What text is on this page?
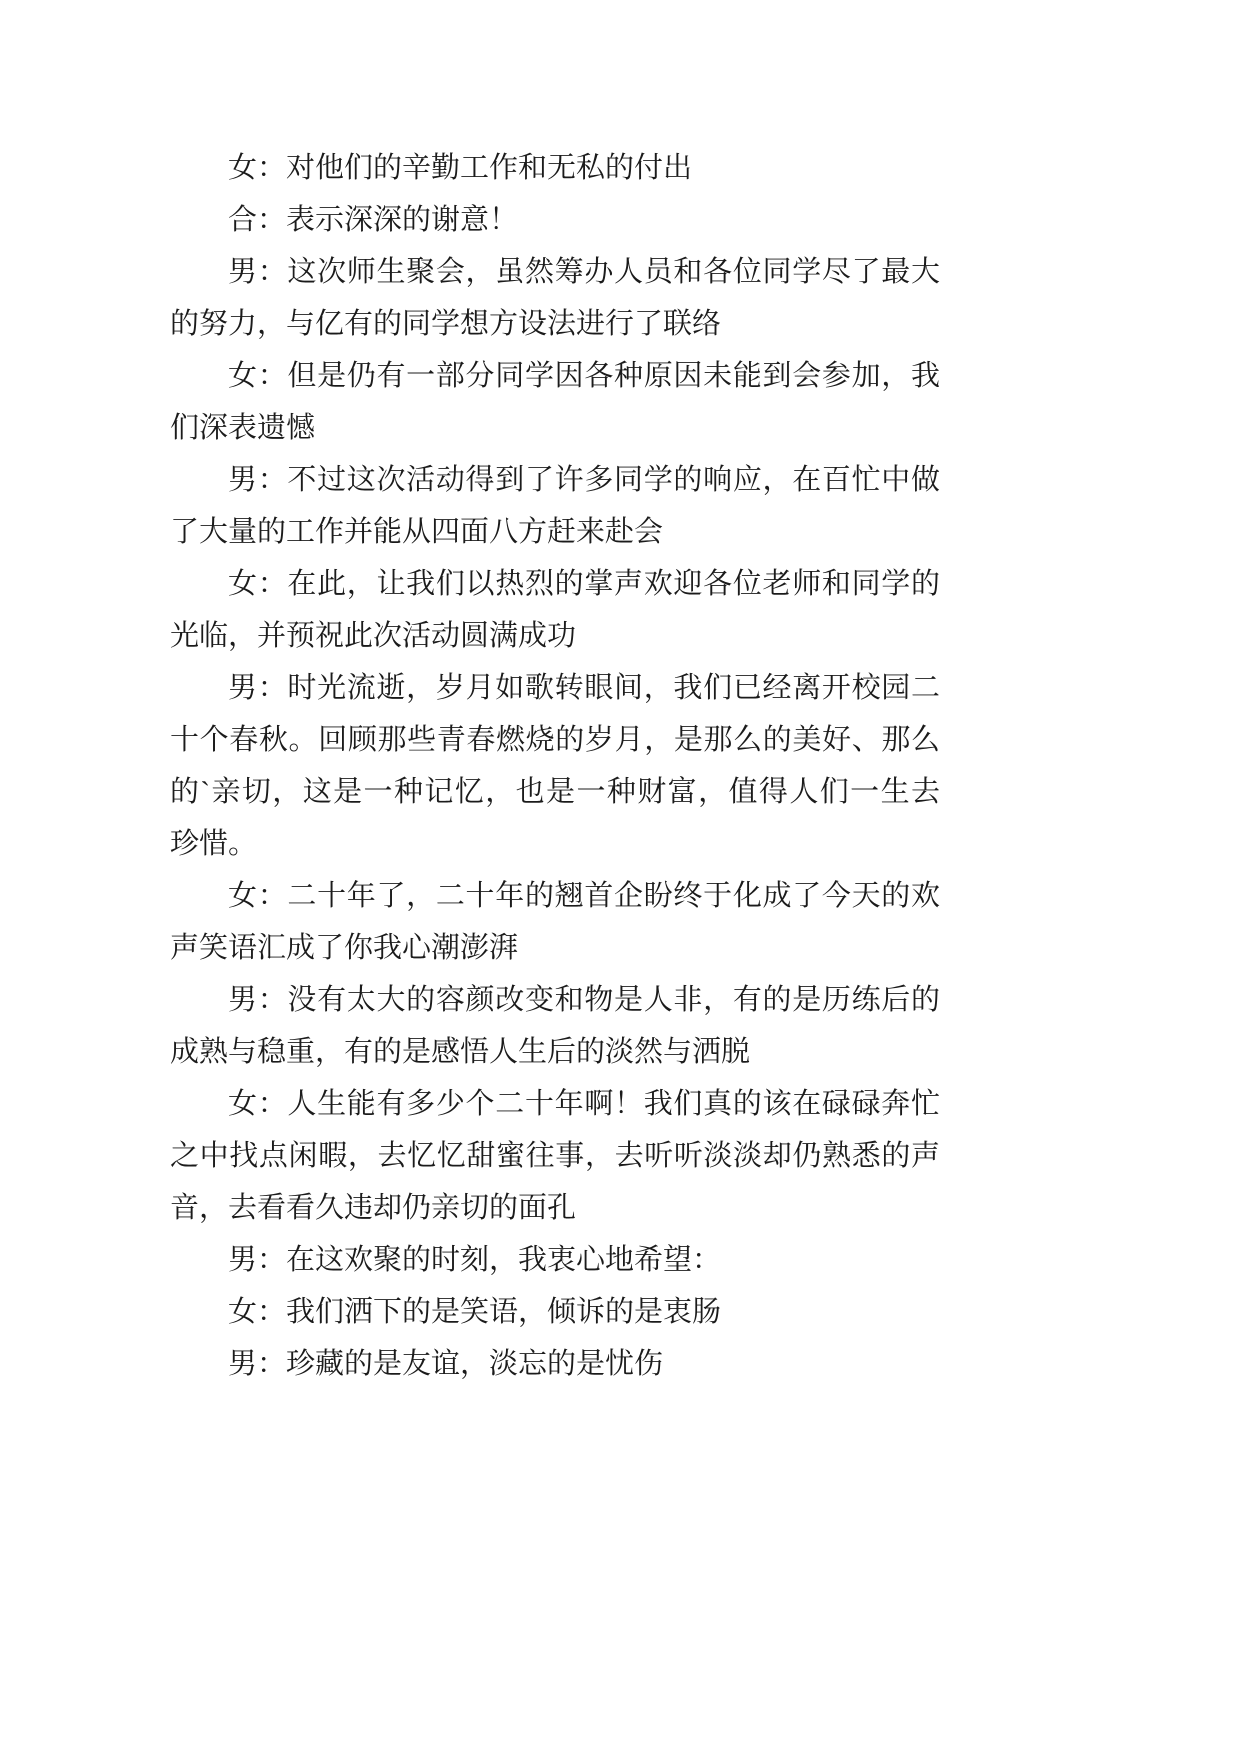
女：对他们的辛勤工作和无私的付出
合：表示深深的谢意！
男：这次师生聚会，虽然筹办人员和各位同学尽了最大
的努力，与亿有的同学想方设法进行了联络
女：但是仍有一部分同学因各种原因未能到会参加，我
们深表遗憾
男：不过这次活动得到了许多同学的响应，在百忙中做
了大量的工作并能从四面八方赶来赴会
女：在此，让我们以热烈的掌声欢迎各位老师和同学的
光临，并预祝此次活动圆满成功
男：时光流逝，岁月如歌转眼间，我们已经离开校园二
十个春秋。回顾那些青春燃烧的岁月，是那么的美好、那么
的`亲切，这是一种记忆，也是一种财富，值得人们一生去
珍惜。
女：二十年了，二十年的翘首企盼终于化成了今天的欢
声笑语汇成了你我心潮澎湃
男：没有太大的容颜改变和物是人非，有的是历练后的
成熟与稳重，有的是感悟人生后的淡然与洒脱
女：人生能有多少个二十年啊！我们真的该在碌碌奔忙
之中找点闲暇，去忆忆甜蜜往事，去听听淡淡却仍熟悉的声
音，去看看久违却仍亲切的面孔
男：在这欢聚的时刻，我衷心地希望：
女：我们洒下的是笑语，倾诉的是衷肠
男：珍藏的是友谊，淡忘的是忧伤
